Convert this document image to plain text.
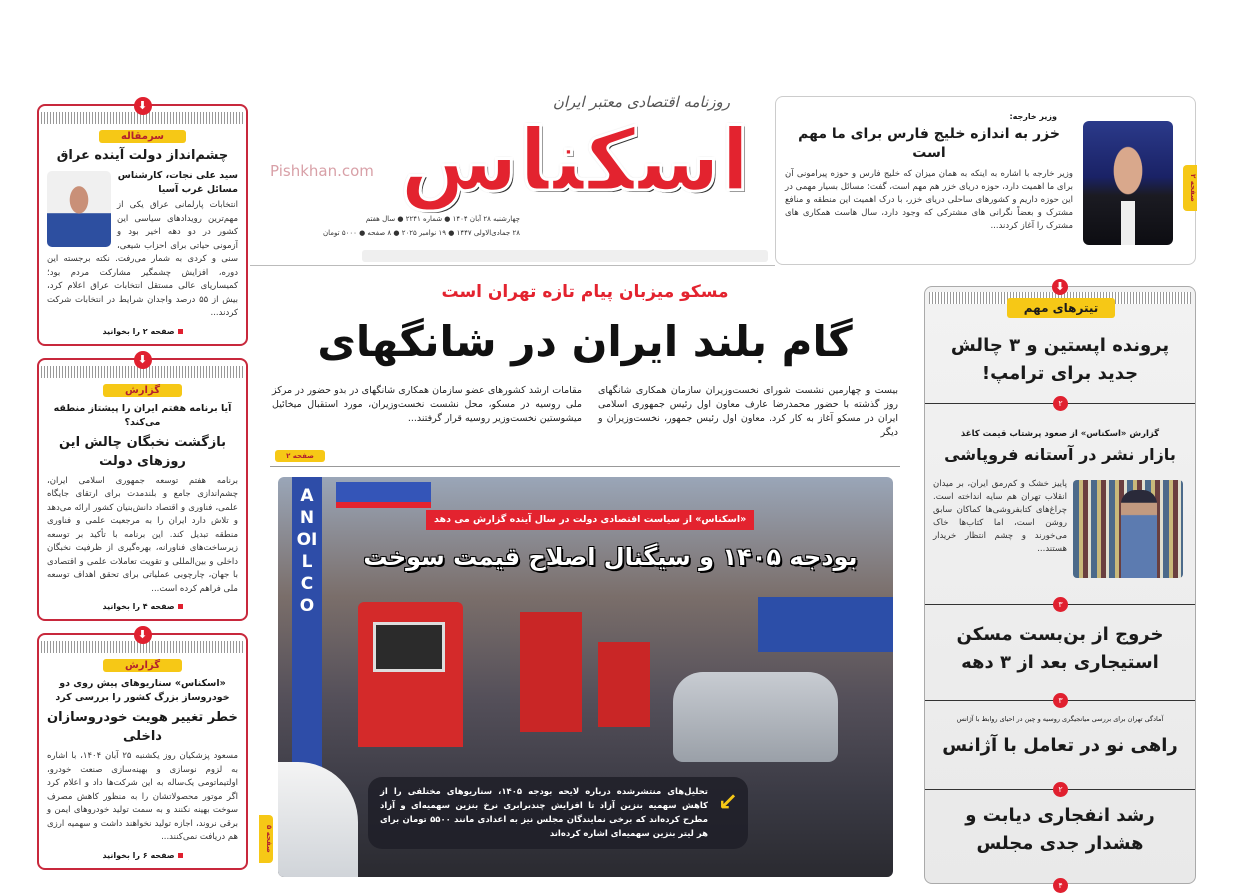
روزنامه اقتصادی معتبر ایران
اسکناس
Pishkhan.com
چهارشنبه ۲۸ آبان ۱۴۰۴ ● شماره ۲۲۴۱ ● سال هفتم
۲۸ جمادی‌الاولی ۱۴۴۷ ● ۱۹ نوامبر ۲۰۲۵ ● ۸ صفحه ● ۵۰۰۰ تومان
وزیر خارجه:
خزر به اندازه خلیج فارس برای ما مهم است
وزیر خارجه با اشاره به اینکه به همان میزان که خلیج فارس و حوزه پیرامونی آن برای ما اهمیت دارد، حوزه دریای خزر هم مهم است، گفت: مسائل بسیار مهمی در این حوزه داریم و کشورهای ساحلی دریای خزر، با درک اهمیت این منطقه و منافع مشترک و بعضاً نگرانی های مشترکی که وجود دارد، سال هاست همکاری های مشترک را آغاز کردند...
صفحه ۲
⬇
سرمقاله
چشم‌انداز دولت آینده عراق
سید علی نجات، کارشناس مسائل غرب آسیا
انتخابات پارلمانی عراق یکی از مهم‌ترین رویدادهای سیاسی این کشور در دو دهه اخیر بود و آزمونی حیاتی برای احزاب شیعی، سنی و کردی به شمار می‌رفت. نکته برجسته این دوره، افزایش چشمگیر مشارکت مردم بود؛ کمیساریای عالی مستقل انتخابات عراق اعلام کرد، بیش از ۵۵ درصد واجدان شرایط در انتخابات شرکت کردند...
صفحه ۲ را بخوانید
⬇
گزارش
آیا برنامه هفتم ایران را پیشتاز منطقه می‌کند؟
بازگشت نخبگان چالش این روزهای دولت
برنامه هفتم توسعه جمهوری اسلامی ایران، چشم‌اندازی جامع و بلندمدت برای ارتقای جایگاه علمی، فناوری و اقتصاد دانش‌بنیان کشور ارائه می‌دهد و تلاش دارد ایران را به مرجعیت علمی و فناوری منطقه تبدیل کند. این برنامه با تأکید بر توسعه زیرساخت‌های فناورانه، بهره‌گیری از ظرفیت نخبگان داخلی و بین‌المللی و تقویت تعاملات علمی و اقتصادی با جهان، چارچوبی عملیاتی برای تحقق اهداف توسعه ملی فراهم کرده است...
صفحه ۴ را بخوانید
⬇
گزارش
«اسکناس» سناریوهای پیش روی دو خودروساز بزرگ کشور را بررسی کرد
خطر تغییر هویت خودروسازان داخلی
مسعود پزشکیان روز یکشنبه ۲۵ آبان ۱۴۰۴، با اشاره به لزوم نوسازی و بهینه‌سازی صنعت خودرو، اولتیماتومی یک‌ساله به این شرکت‌ها داد و اعلام کرد اگر موتور محصولاتشان را به منظور کاهش مصرف سوخت بهینه نکنند و به سمت تولید خودروهای ایمن و برقی نروند، اجازه تولید نخواهند داشت و سهمیه ارزی هم دریافت نمی‌کنند...
صفحه ۶ را بخوانید
مسکو میزبان پیام تازه تهران است
گام بلند ایران در شانگهای
بیست و چهارمین نشست شورای نخست‌وزیران سازمان همکاری شانگهای روز گذشته با حضور محمدرضا عارف معاون اول رئیس جمهوری اسلامی ایران در مسکو آغاز به کار کرد. معاون اول رئیس جمهور، نخست‌وزیران و دیگر
مقامات ارشد کشورهای عضو سازمان همکاری شانگهای در بدو حضور در مرکز ملی روسیه در مسکو، محل نشست نخست‌وزیران، مورد استقبال میخائیل میشوستین نخست‌وزیر روسیه قرار گرفتند...
صفحه ۲
AN OIL CO
«اسکناس» از سیاست اقتصادی دولت در سال آینده گزارش می دهد
بودجه ۱۴۰۵ و سیگنال اصلاح قیمت سوخت
↙
تحلیل‌های منتشرشده درباره لایحه بودجه ۱۴۰۵، سناریوهای مختلفی را از کاهش سهمیه بنزین آزاد تا افزایش چندبرابری نرخ بنزین سهمیه‌ای و آزاد مطرح کرده‌اند که برخی نمایندگان مجلس نیز به اعدادی مانند ۵۵۰۰ تومان برای هر لیتر بنزین سهمیه‌ای اشاره کرده‌اند
صفحه ۵
⬇
تیترهای مهم
پرونده اپستین و ۳ چالش جدید برای ترامپ!
۲
گزارش «اسکناس» از صعود پرشتاب قیمت کاغذ
بازار نشر در آستانه فروپاشی
پاییز خشک و کم‌رمق ایران، بر میدان انقلاب تهران هم سایه انداخته است. چراغ‌های کتابفروشی‌ها کماکان سابق روشن است، اما کتاب‌ها خاک می‌خورند و چشم انتظار خریدار هستند...
۳
خروج از بن‌بست مسکن استیجاری بعد از ۳ دهه
۳
آمادگی تهران برای بررسی میانجیگری روسیه و چین در احیای روابط با آژانس
راهی نو در تعامل با آژانس
۲
رشد انفجاری دیابت و هشدار جدی مجلس
۴
